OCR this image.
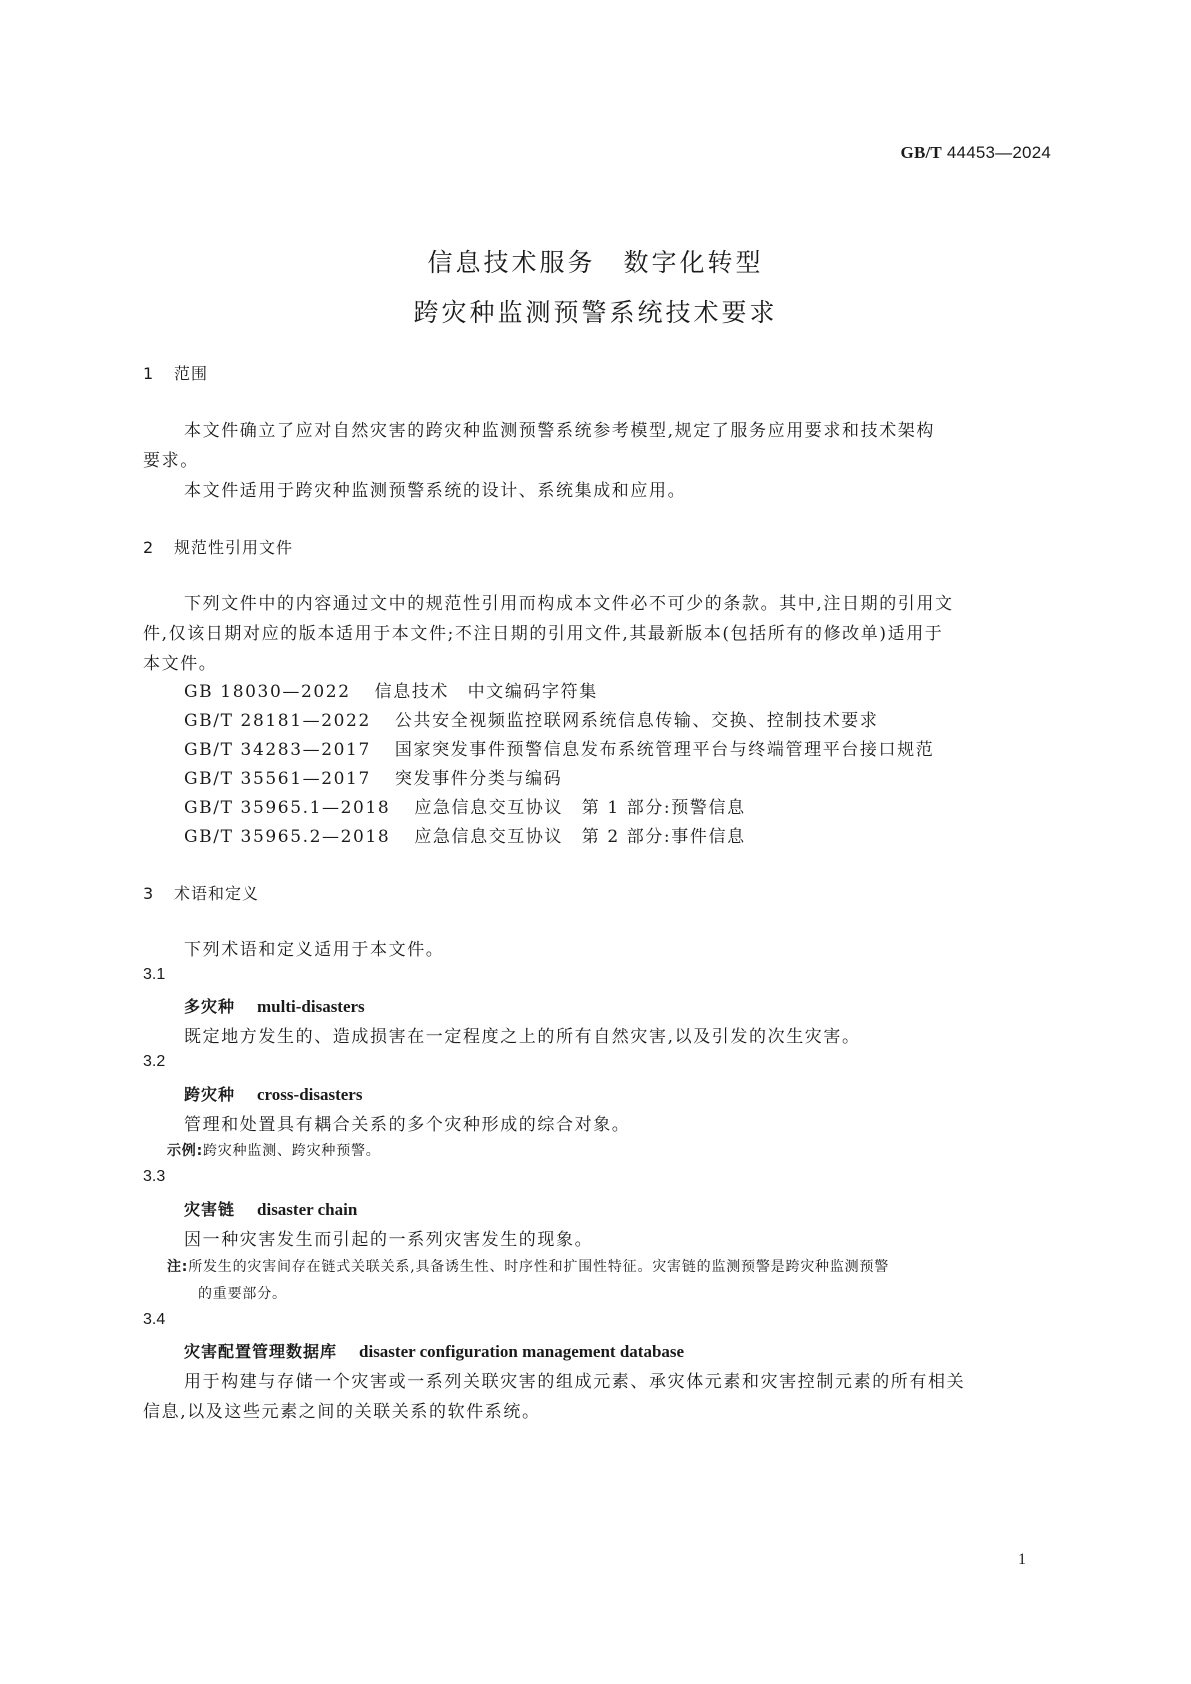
GB/T 44453—2024
信息技术服务　数字化转型
跨灾种监测预警系统技术要求
1 范围
本文件确立了应对自然灾害的跨灾种监测预警系统参考模型,规定了服务应用要求和技术架构
要求。
本文件适用于跨灾种监测预警系统的设计、系统集成和应用。
2 规范性引用文件
下列文件中的内容通过文中的规范性引用而构成本文件必不可少的条款。其中,注日期的引用文
件,仅该日期对应的版本适用于本文件;不注日期的引用文件,其最新版本(包括所有的修改单)适用于
本文件。
GB 18030—2022 信息技术　中文编码字符集
GB/T 28181—2022 公共安全视频监控联网系统信息传输、交换、控制技术要求
GB/T 34283—2017 国家突发事件预警信息发布系统管理平台与终端管理平台接口规范
GB/T 35561—2017 突发事件分类与编码
GB/T 35965.1—2018 应急信息交互协议　第 1 部分:预警信息
GB/T 35965.2—2018 应急信息交互协议　第 2 部分:事件信息
3 术语和定义
下列术语和定义适用于本文件。
3.1
多灾种 multi-disasters
既定地方发生的、造成损害在一定程度之上的所有自然灾害,以及引发的次生灾害。
3.2
跨灾种 cross-disasters
管理和处置具有耦合关系的多个灾种形成的综合对象。
示例:跨灾种监测、跨灾种预警。
3.3
灾害链 disaster chain
因一种灾害发生而引起的一系列灾害发生的现象。
注:所发生的灾害间存在链式关联关系,具备诱生性、时序性和扩围性特征。灾害链的监测预警是跨灾种监测预警
的重要部分。
3.4
灾害配置管理数据库 disaster configuration management database
用于构建与存储一个灾害或一系列关联灾害的组成元素、承灾体元素和灾害控制元素的所有相关
信息,以及这些元素之间的关联关系的软件系统。
1
